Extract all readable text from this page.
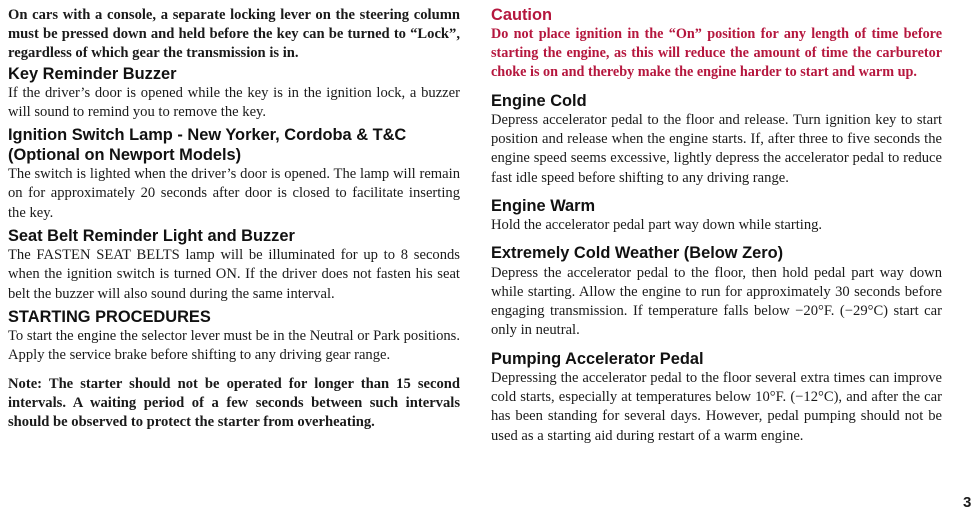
On cars with a console, a separate locking lever on the steering column must be pressed down and held before the key can be turned to “Lock”, regardless of which gear the transmission is in.

Key Reminder Buzzer

If the driver’s door is opened while the key is in the ignition lock, a buzzer will sound to remind you to remove the key.

Ignition Switch Lamp - New Yorker, Cordoba & T&C (Optional on Newport Models)

The switch is lighted when the driver’s door is opened. The lamp will remain on for approximately 20 seconds after door is closed to facilitate inserting the key.

Seat Belt Reminder Light and Buzzer

The FASTEN SEAT BELTS lamp will be illuminated for up to 8 seconds when the ignition switch is turned ON. If the driver does not fasten his seat belt the buzzer will also sound during the same interval.

STARTING PROCEDURES

To start the engine the selector lever must be in the Neutral or Park positions. Apply the service brake before shifting to any driving gear range.

Note: The starter should not be operated for longer than 15 second intervals. A waiting period of a few seconds between such intervals should be observed to protect the starter from overheating.

Caution

Do not place ignition in the “On” position for any length of time before starting the engine, as this will reduce the amount of time the carburetor choke is on and thereby make the engine harder to start and warm up.

Engine Cold

Depress accelerator pedal to the floor and release. Turn ignition key to start position and release when the engine starts. If, after three to five seconds the engine speed seems excessive, lightly depress the accelerator pedal to reduce fast idle speed before shifting to any driving range.

Engine Warm

Hold the accelerator pedal part way down while starting.

Extremely Cold Weather (Below Zero)

Depress the accelerator pedal to the floor, then hold pedal part way down while starting. Allow the engine to run for approximately 30 seconds before engaging transmission. If temperature falls below −20°F. (−29°C) start car only in neutral.

Pumping Accelerator Pedal

Depressing the accelerator pedal to the floor several extra times can improve cold starts, especially at temperatures below 10°F. (−12°C), and after the car has been standing for several days. However, pedal pumping should not be used as a starting aid during restart of a warm engine.

3
